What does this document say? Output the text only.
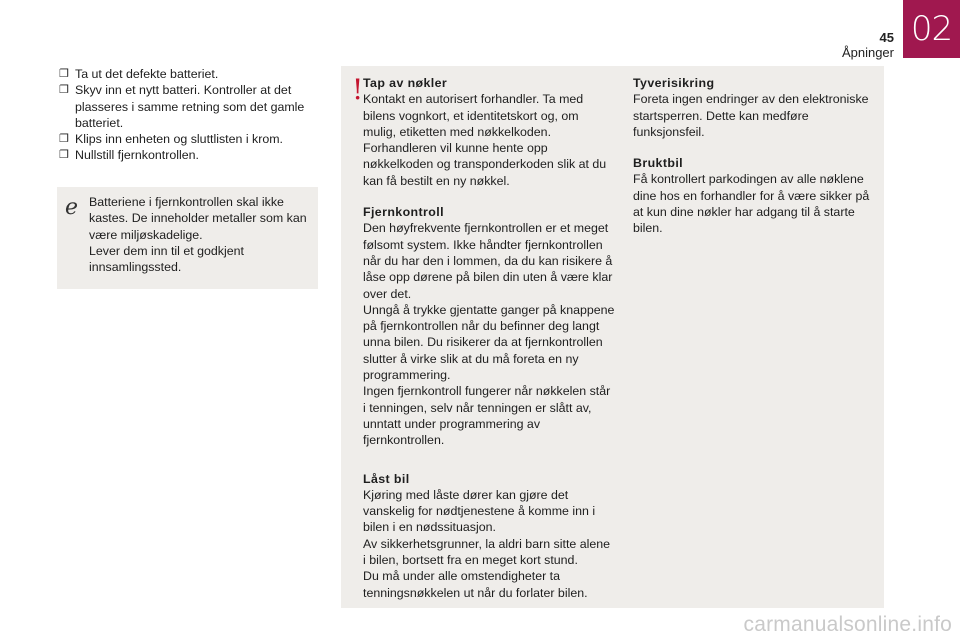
02
45
Åpninger
❐ Ta ut det defekte batteriet.
❐ Skyv inn et nytt batteri. Kontroller at det plasseres i samme retning som det gamle batteriet.
❐ Klips inn enheten og sluttlisten i krom.
❐ Nullstill fjernkontrollen.
ℯ Batteriene i fjernkontrollen skal ikke kastes. De inneholder metaller som kan være miljøskadelige.
Lever dem inn til et godkjent innsamlingssted.
! Tap av nøkler
Kontakt en autorisert forhandler. Ta med bilens vognkort, et identitetskort og, om mulig, etiketten med nøkkelkoden.
Forhandleren vil kunne hente opp nøkkelkoden og transponderkoden slik at du kan få bestilt en ny nøkkel.
Fjernkontroll
Den høyfrekvente fjernkontrollen er et meget følsomt system. Ikke håndter fjernkontrollen når du har den i lommen, da du kan risikere å låse opp dørene på bilen din uten å være klar over det.
Unngå å trykke gjentatte ganger på knappene på fjernkontrollen når du befinner deg langt unna bilen. Du risikerer da at fjernkontrollen slutter å virke slik at du må foreta en ny programmering.
Ingen fjernkontroll fungerer når nøkkelen står i tenningen, selv når tenningen er slått av, unntatt under programmering av fjernkontrollen.
Låst bil
Kjøring med låste dører kan gjøre det vanskelig for nødtjenestene å komme inn i bilen i en nødssituasjon.
Av sikkerhetsgrunner, la aldri barn sitte alene i bilen, bortsett fra en meget kort stund.
Du må under alle omstendigheter ta tenningsnøkkelen ut når du forlater bilen.
Tyverisikring
Foreta ingen endringer av den elektroniske startsperren. Dette kan medføre funksjonsfeil.
Bruktbil
Få kontrollert parkodingen av alle nøklene dine hos en forhandler for å være sikker på at kun dine nøkler har adgang til å starte bilen.
carmanualsonline.info
